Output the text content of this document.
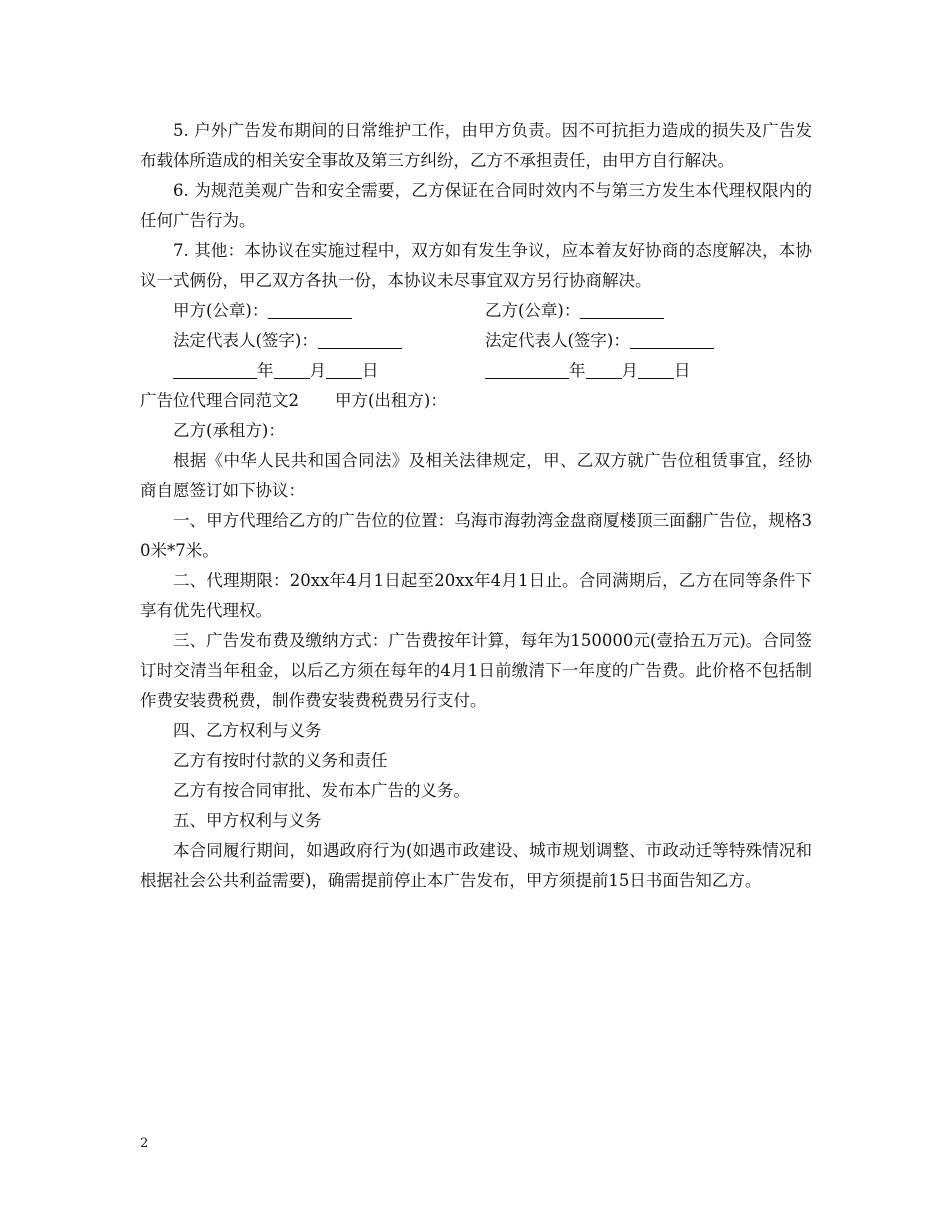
5. 户外广告发布期间的日常维护工作，由甲方负责。因不可抗拒力造成的损失及广告发布载体所造成的相关安全事故及第三方纠纷，乙方不承担责任，由甲方自行解决。

6. 为规范美观广告和安全需要，乙方保证在合同时效内不与第三方发生本代理权限内的任何广告行为。

7. 其他：本协议在实施过程中，双方如有发生争议，应本着友好协商的态度解决，本协议一式俩份，甲乙双方各执一份，本协议未尽事宜双方另行协商解决。

甲方(公章)：	乙方(公章)：
法定代表人(签字)：	法定代表人(签字)：
年 月 日	年 月 日
广告位代理合同范文2 甲方(出租方)：

乙方(承租方)：

根据《中华人民共和国合同法》及相关法律规定，甲、乙双方就广告位租赁事宜，经协商自愿签订如下协议：

一、甲方代理给乙方的广告位的位置：乌海市海勃湾金盘商厦楼顶三面翻广告位，规格30米*7米。

二、代理期限：20xx年4月1日起至20xx年4月1日止。合同满期后，乙方在同等条件下享有优先代理权。

三、广告发布费及缴纳方式：广告费按年计算，每年为150000元(壹拾五万元)。合同签订时交清当年租金，以后乙方须在每年的4月1日前缴清下一年度的广告费。此价格不包括制作费安装费税费，制作费安装费税费另行支付。

四、乙方权利与义务

乙方有按时付款的义务和责任

乙方有按合同审批、发布本广告的义务。

五、甲方权利与义务

本合同履行期间，如遇政府行为(如遇市政建设、城市规划调整、市政动迁等特殊情况和根据社会公共利益需要)，确需提前停止本广告发布，甲方须提前15日书面告知乙方。

2
